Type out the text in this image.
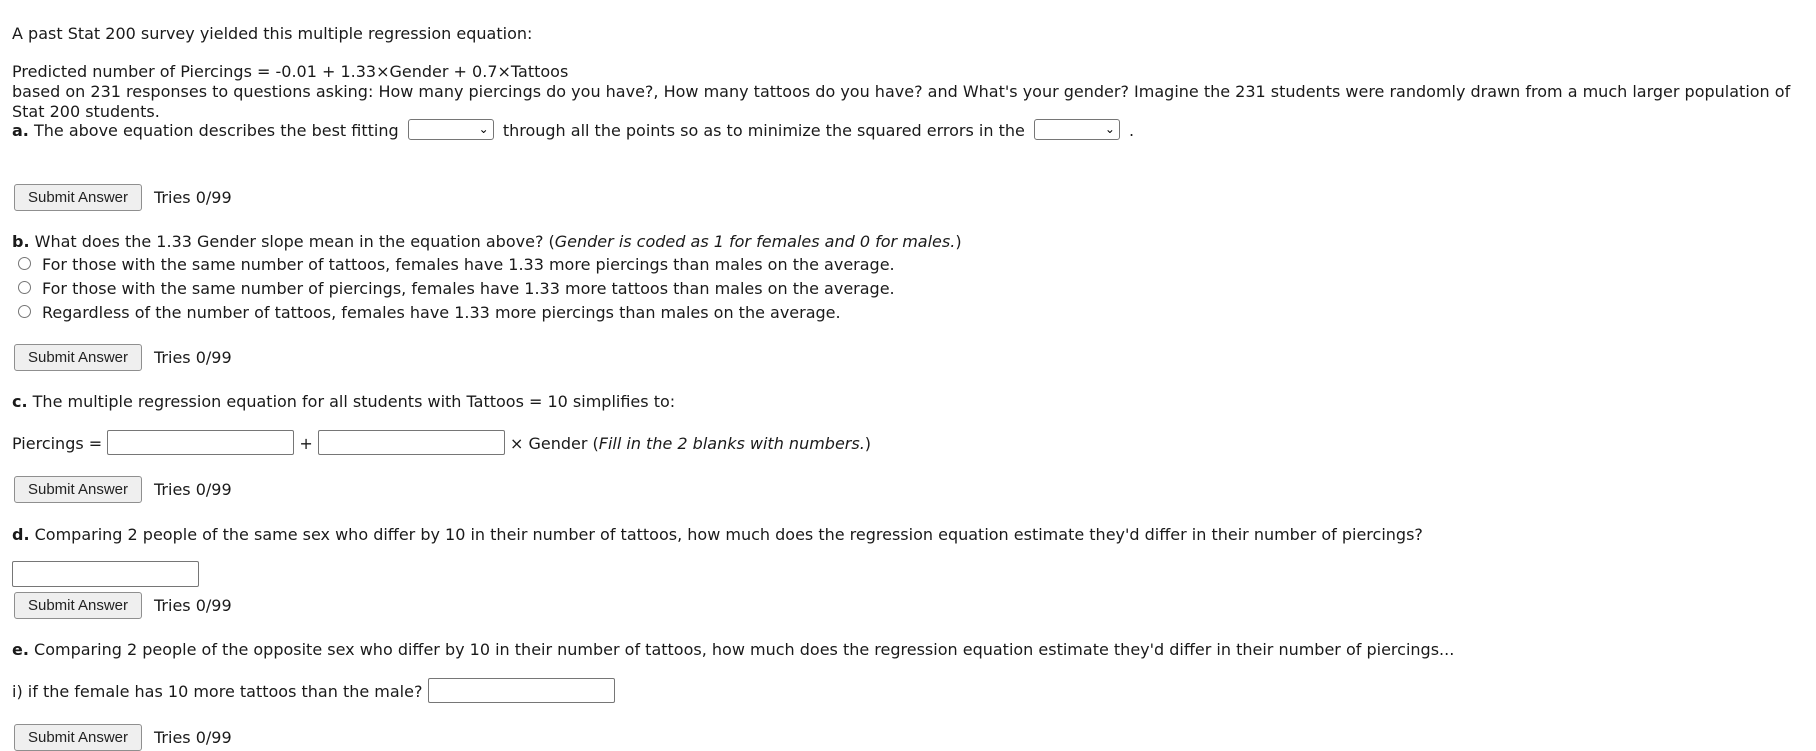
A past Stat 200 survey yielded this multiple regression equation:
Predicted number of Piercings = -0.01 + 1.33×Gender + 0.7×Tattoos
based on 231 responses to questions asking: How many piercings do you have?, How many tattoos do you have? and What's your gender? Imagine the 231 students were randomly drawn from a much larger population of Stat 200 students.
a. The above equation describes the best fitting	⌄ through all the points so as to minimize the squared errors in the	⌄ .
Submit Answer	Tries 0/99
b. What does the 1.33 Gender slope mean in the equation above? (Gender is coded as 1 for females and 0 for males.)
For those with the same number of tattoos, females have 1.33 more piercings than males on the average.
For those with the same number of piercings, females have 1.33 more tattoos than males on the average.
Regardless of the number of tattoos, females have 1.33 more piercings than males on the average.
Submit Answer	Tries 0/99
c. The multiple regression equation for all students with Tattoos = 10 simplifies to:
Piercings =	+	× Gender (Fill in the 2 blanks with numbers.)
Submit Answer	Tries 0/99
d. Comparing 2 people of the same sex who differ by 10 in their number of tattoos, how much does the regression equation estimate they'd differ in their number of piercings?
Submit Answer	Tries 0/99
e. Comparing 2 people of the opposite sex who differ by 10 in their number of tattoos, how much does the regression equation estimate they'd differ in their number of piercings...
i) if the female has 10 more tattoos than the male?
Submit Answer	Tries 0/99
